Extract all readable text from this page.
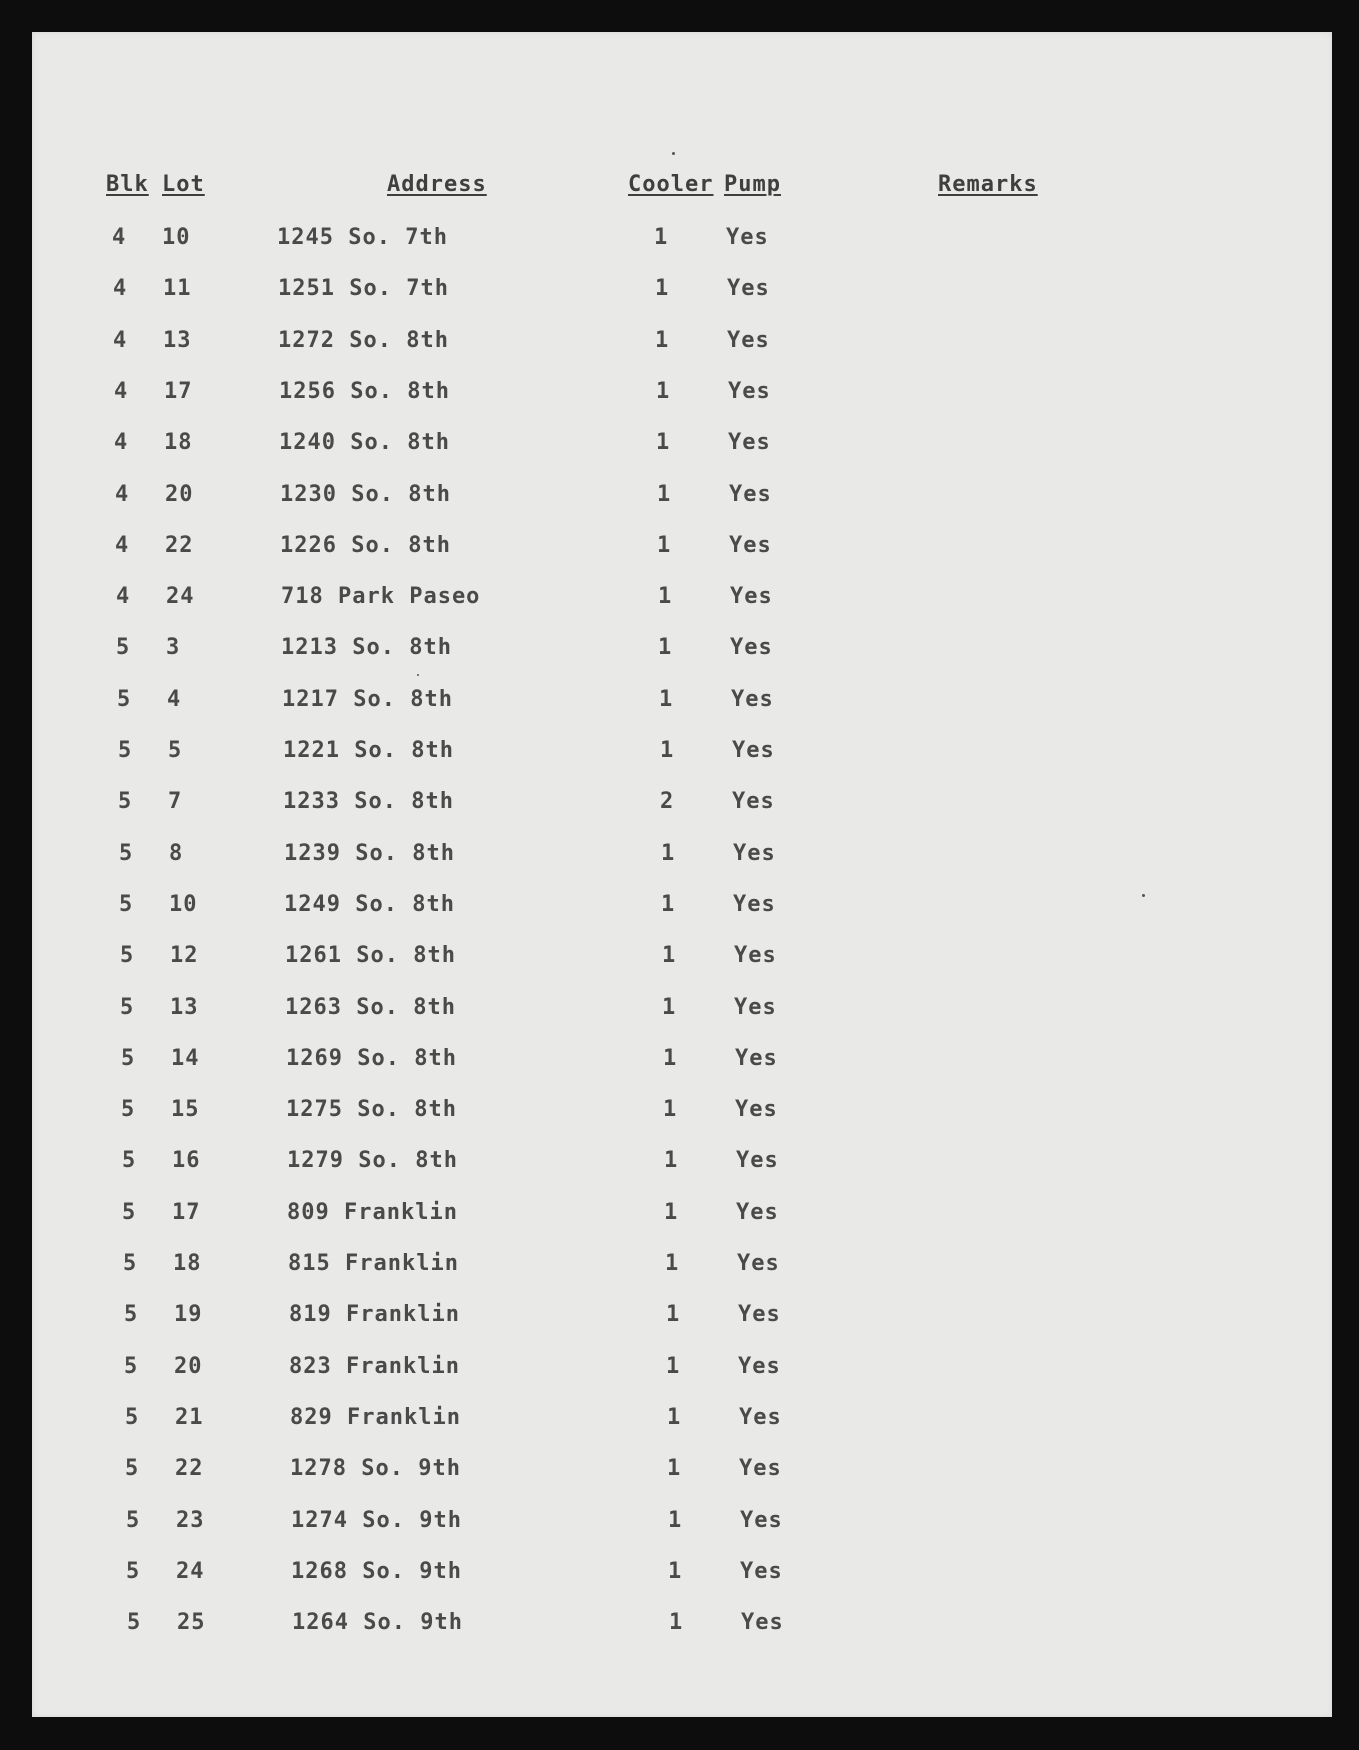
Blk Lot	Address	Cooler Pump	Remarks
4 10	1245 So. 7th	1	Yes
4 11	1251 So. 7th	1	Yes
4 13	1272 So. 8th	1	Yes
4 17	1256 So. 8th	1	Yes
4 18	1240 So. 8th	1	Yes
4 20	1230 So. 8th	1	Yes
4 22	1226 So. 8th	1	Yes
4 24	718 Park Paseo	1	Yes
5 3	1213 So. 8th	1	Yes
5 4	1217 So. 8th	1	Yes
5 5	1221 So. 8th	1	Yes
5 7	1233 So. 8th	2	Yes
5 8	1239 So. 8th	1	Yes
5 10	1249 So. 8th	1	Yes
5 12	1261 So. 8th	1	Yes
5 13	1263 So. 8th	1	Yes
5 14	1269 So. 8th	1	Yes
5 15	1275 So. 8th	1	Yes
5 16	1279 So. 8th	1	Yes
5 17	809 Franklin	1	Yes
5 18	815 Franklin	1	Yes
5 19	819 Franklin	1	Yes
5 20	823 Franklin	1	Yes
5 21	829 Franklin	1	Yes
5 22	1278 So. 9th	1	Yes
5 23	1274 So. 9th	1	Yes
5 24	1268 So. 9th	1	Yes
5 25	1264 So. 9th	1	Yes
